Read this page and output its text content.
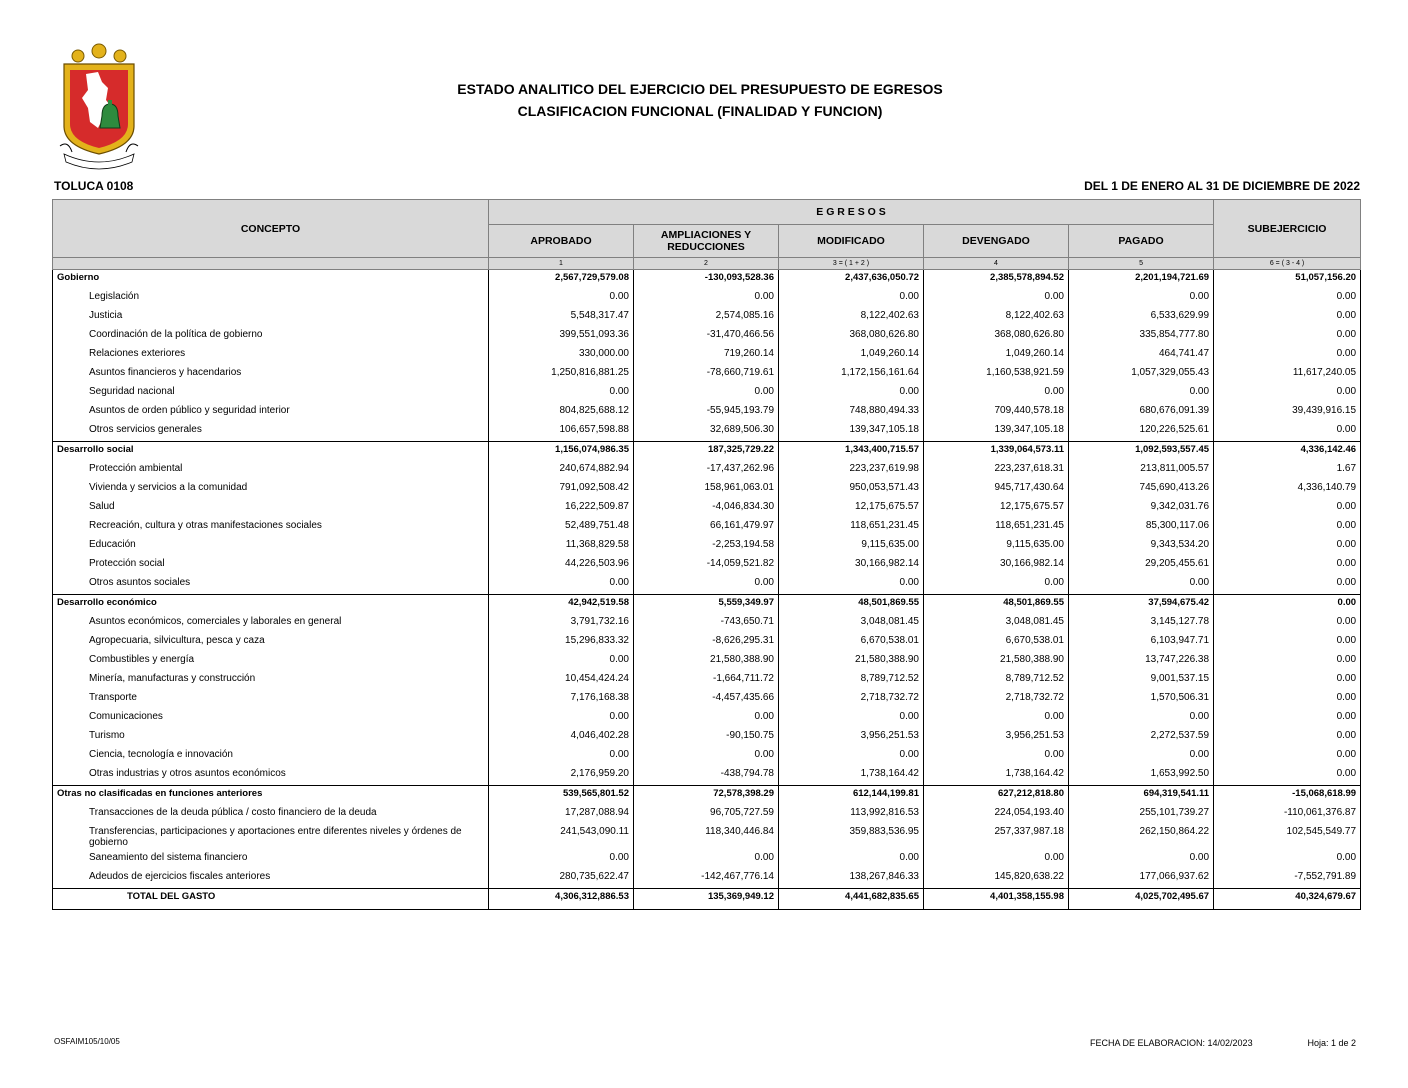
ESTADO ANALITICO DEL EJERCICIO DEL PRESUPUESTO DE EGRESOS
CLASIFICACION FUNCIONAL (FINALIDAD Y FUNCION)
TOLUCA 0108	DEL 1 DE ENERO AL 31 DE DICIEMBRE DE 2022
CONCEPTO	E G R E S O S					SUBEJERCICIO
	APROBADO	AMPLIACIONES Y REDUCCIONES	MODIFICADO	DEVENGADO	PAGADO	
	1	2	3 = ( 1 + 2 )	4	5	6 = ( 3 - 4 )
Gobierno	2,567,729,579.08	-130,093,528.36	2,437,636,050.72	2,385,578,894.52	2,201,194,721.69	51,057,156.20
Legislación	0.00	0.00	0.00	0.00	0.00	0.00
Justicia	5,548,317.47	2,574,085.16	8,122,402.63	8,122,402.63	6,533,629.99	0.00
Coordinación de la política de gobierno	399,551,093.36	-31,470,466.56	368,080,626.80	368,080,626.80	335,854,777.80	0.00
Relaciones exteriores	330,000.00	719,260.14	1,049,260.14	1,049,260.14	464,741.47	0.00
Asuntos financieros y hacendarios	1,250,816,881.25	-78,660,719.61	1,172,156,161.64	1,160,538,921.59	1,057,329,055.43	11,617,240.05
Seguridad nacional	0.00	0.00	0.00	0.00	0.00	0.00
Asuntos de orden público y seguridad interior	804,825,688.12	-55,945,193.79	748,880,494.33	709,440,578.18	680,676,091.39	39,439,916.15
Otros servicios generales	106,657,598.88	32,689,506.30	139,347,105.18	139,347,105.18	120,226,525.61	0.00
Desarrollo social	1,156,074,986.35	187,325,729.22	1,343,400,715.57	1,339,064,573.11	1,092,593,557.45	4,336,142.46
Protección ambiental	240,674,882.94	-17,437,262.96	223,237,619.98	223,237,618.31	213,811,005.57	1.67
Vivienda y servicios a la comunidad	791,092,508.42	158,961,063.01	950,053,571.43	945,717,430.64	745,690,413.26	4,336,140.79
Salud	16,222,509.87	-4,046,834.30	12,175,675.57	12,175,675.57	9,342,031.76	0.00
Recreación, cultura y otras manifestaciones sociales	52,489,751.48	66,161,479.97	118,651,231.45	118,651,231.45	85,300,117.06	0.00
Educación	11,368,829.58	-2,253,194.58	9,115,635.00	9,115,635.00	9,343,534.20	0.00
Protección social	44,226,503.96	-14,059,521.82	30,166,982.14	30,166,982.14	29,205,455.61	0.00
Otros asuntos sociales	0.00	0.00	0.00	0.00	0.00	0.00
Desarrollo económico	42,942,519.58	5,559,349.97	48,501,869.55	48,501,869.55	37,594,675.42	0.00
Asuntos económicos, comerciales y laborales en general	3,791,732.16	-743,650.71	3,048,081.45	3,048,081.45	3,145,127.78	0.00
Agropecuaria, silvicultura, pesca y caza	15,296,833.32	-8,626,295.31	6,670,538.01	6,670,538.01	6,103,947.71	0.00
Combustibles y energía	0.00	21,580,388.90	21,580,388.90	21,580,388.90	13,747,226.38	0.00
Minería, manufacturas y construcción	10,454,424.24	-1,664,711.72	8,789,712.52	8,789,712.52	9,001,537.15	0.00
Transporte	7,176,168.38	-4,457,435.66	2,718,732.72	2,718,732.72	1,570,506.31	0.00
Comunicaciones	0.00	0.00	0.00	0.00	0.00	0.00
Turismo	4,046,402.28	-90,150.75	3,956,251.53	3,956,251.53	2,272,537.59	0.00
Ciencia, tecnología e innovación	0.00	0.00	0.00	0.00	0.00	0.00
Otras industrias y otros asuntos económicos	2,176,959.20	-438,794.78	1,738,164.42	1,738,164.42	1,653,992.50	0.00
Otras no clasificadas en funciones anteriores	539,565,801.52	72,578,398.29	612,144,199.81	627,212,818.80	694,319,541.11	-15,068,618.99
Transacciones de la deuda pública / costo financiero de la deuda	17,287,088.94	96,705,727.59	113,992,816.53	224,054,193.40	255,101,739.27	-110,061,376.87
Transferencias, participaciones y aportaciones entre diferentes niveles y órdenes de gobierno	241,543,090.11	118,340,446.84	359,883,536.95	257,337,987.18	262,150,864.22	102,545,549.77
Saneamiento del sistema financiero	0.00	0.00	0.00	0.00	0.00	0.00
Adeudos de ejercicios fiscales anteriores	280,735,622.47	-142,467,776.14	138,267,846.33	145,820,638.22	177,066,937.62	-7,552,791.89
TOTAL DEL GASTO	4,306,312,886.53	135,369,949.12	4,441,682,835.65	4,401,358,155.98	4,025,702,495.67	40,324,679.67
OSFAIM105/10/05	FECHA DE ELABORACION: 14/02/2023	Hoja: 1 de 2
